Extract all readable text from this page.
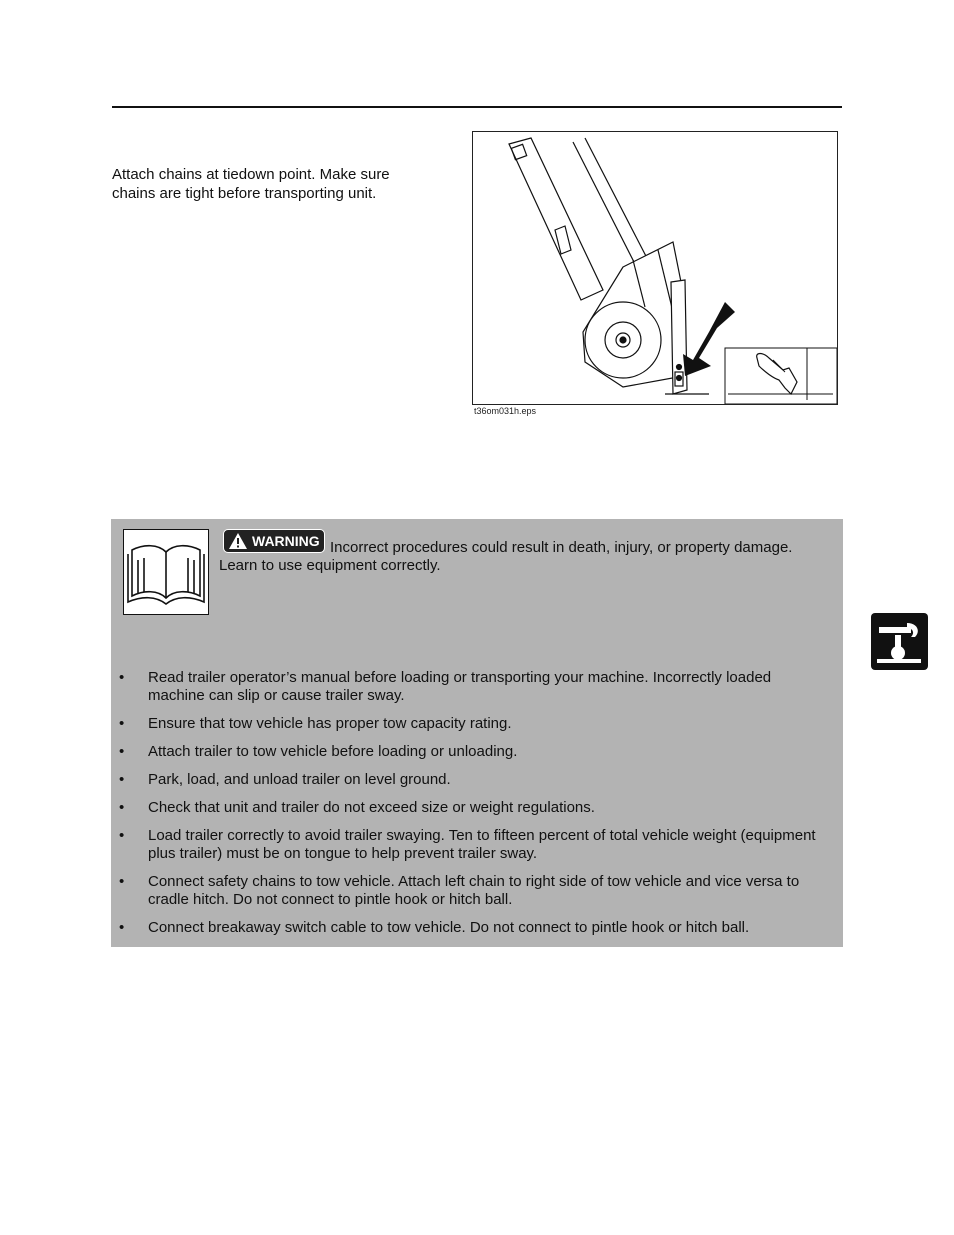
Attach chains at tiedown point. Make sure chains are tight before transporting unit.

t36om031h.eps
WARNING Incorrect procedures could result in death, injury, or property damage. Learn to use equipment correctly.

• Read trailer operator’s manual before loading or transporting your machine. Incorrectly loaded machine can slip or cause trailer sway.
• Ensure that tow vehicle has proper tow capacity rating.
• Attach trailer to tow vehicle before loading or unloading.
• Park, load, and unload trailer on level ground.
• Check that unit and trailer do not exceed size or weight regulations.
• Load trailer correctly to avoid trailer swaying. Ten to fifteen percent of total vehicle weight (equipment plus trailer) must be on tongue to help prevent trailer sway.
• Connect safety chains to tow vehicle. Attach left chain to right side of tow vehicle and vice versa to cradle hitch. Do not connect to pintle hook or hitch ball.
• Connect breakaway switch cable to tow vehicle. Do not connect to pintle hook or hitch ball.
